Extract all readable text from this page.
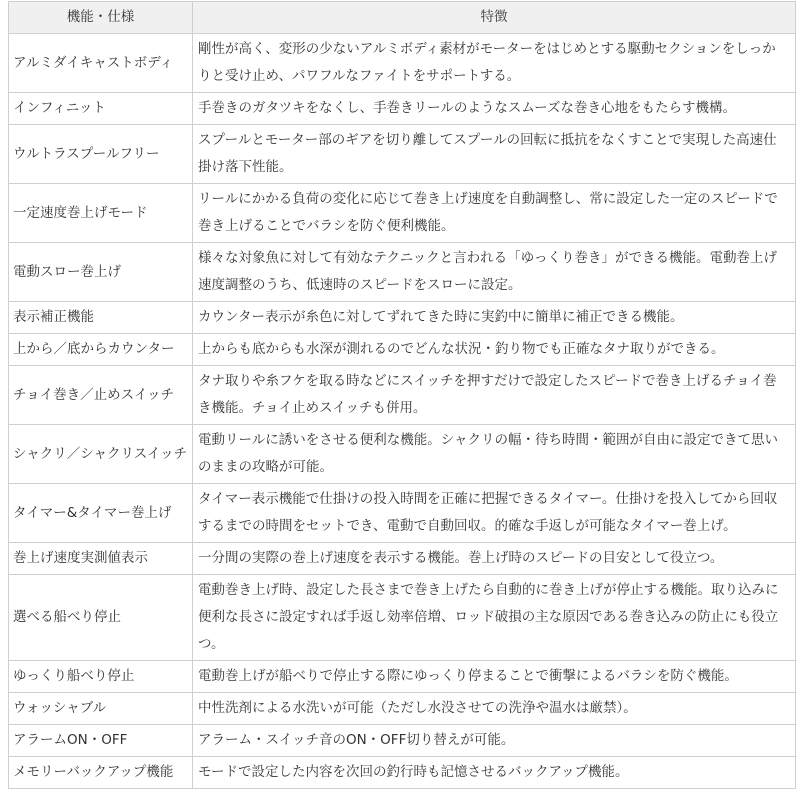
機能・仕様	特徴
アルミダイキャストボディ	剛性が高く、変形の少ないアルミボディ素材がモーターをはじめとする駆動セクションをしっかりと受け止め、パワフルなファイトをサポートする。
インフィニット	手巻きのガタツキをなくし、手巻きリールのようなスムーズな巻き心地をもたらす機構。
ウルトラスプールフリー	スプールとモーター部のギアを切り離してスプールの回転に抵抗をなくすことで実現した高速仕掛け落下性能。
一定速度巻上げモード	リールにかかる負荷の変化に応じて巻き上げ速度を自動調整し、常に設定した一定のスピードで巻き上げることでバラシを防ぐ便利機能。
電動スロー巻上げ	様々な対象魚に対して有効なテクニックと言われる「ゆっくり巻き」ができる機能。電動巻上げ速度調整のうち、低速時のスピードをスローに設定。
表示補正機能	カウンター表示が糸色に対してずれてきた時に実釣中に簡単に補正できる機能。
上から／底からカウンター	上からも底からも水深が測れるのでどんな状況・釣り物でも正確なタナ取りができる。
チョイ巻き／止めスイッチ	タナ取りや糸フケを取る時などにスイッチを押すだけで設定したスピードで巻き上げるチョイ巻き機能。チョイ止めスイッチも併用。
シャクリ／シャクリスイッチ	電動リールに誘いをさせる便利な機能。シャクリの幅・待ち時間・範囲が自由に設定できて思いのままの攻略が可能。
タイマー&タイマー巻上げ	タイマー表示機能で仕掛けの投入時間を正確に把握できるタイマー。仕掛けを投入してから回収するまでの時間をセットでき、電動で自動回収。的確な手返しが可能なタイマー巻上げ。
巻上げ速度実測値表示	一分間の実際の巻上げ速度を表示する機能。巻上げ時のスピードの目安として役立つ。
選べる船べり停止	電動巻き上げ時、設定した長さまで巻き上げたら自動的に巻き上げが停止する機能。取り込みに便利な長さに設定すれば手返し効率倍増、ロッド破損の主な原因である巻き込みの防止にも役立つ。
ゆっくり船べり停止	電動巻上げが船べりで停止する際にゆっくり停まることで衝撃によるバラシを防ぐ機能。
ウォッシャブル	中性洗剤による水洗いが可能（ただし水没させての洗浄や温水は厳禁）。
アラームON・OFF	アラーム・スイッチ音のON・OFF切り替えが可能。
メモリーバックアップ機能	モードで設定した内容を次回の釣行時も記憶させるバックアップ機能。
